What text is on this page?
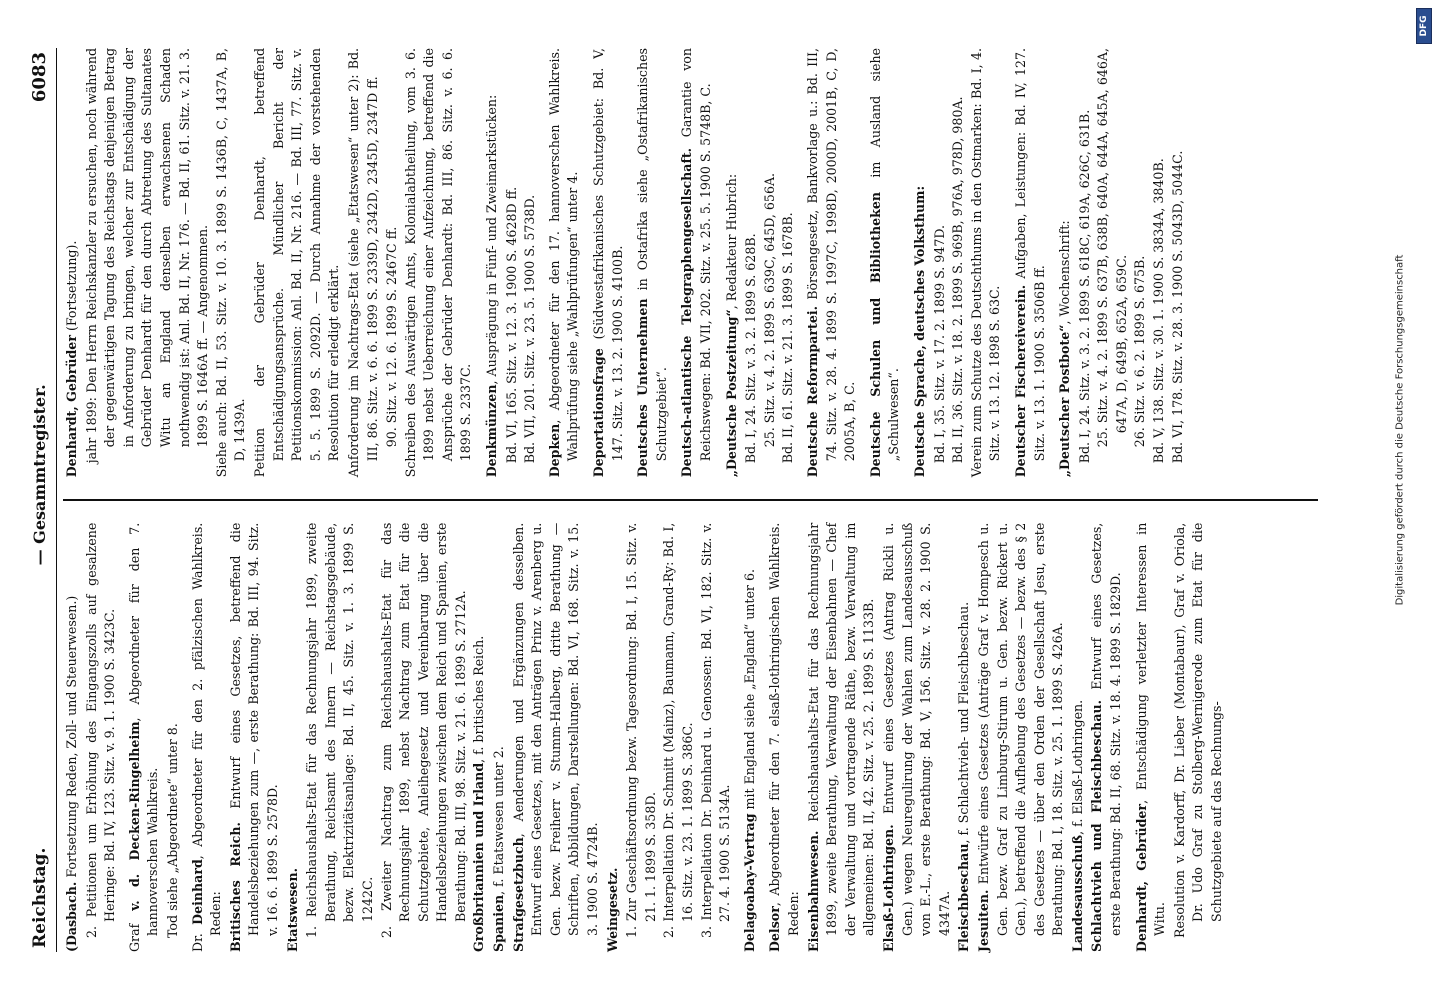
Reichstag.
— Gesammtregister.
6083
(Dasbach. Fortsetzung Reden, Zoll- und Steuerwesen.) 2. Petitionen um Erhöhung des Eingangszolls auf gesalzene Heringe: Bd. IV, 123. Sitz. v. 9. 1. 1900 S. 3423C.
Graf v. d. Decken-Ringelheim, Abgeordneter für den 7. hannoverschen Wahlkreis. Tod siehe „Abgeordnete“ unter 8.
Dr. Deinhard, Abgeordneter für den 2. pfälzischen Wahlkreis. Reden: Britisches Reich. Entwurf eines Gesetzes, betreffend die Handelsbeziehungen zum —, erste Berathung: Bd. III, 94. Sitz. v. 16. 6. 1899 S. 2578D. Etatswesen. 1. Reichshaushalts-Etat für das Rechnungsjahr 1899, zweite Berathung, Reichsamt des Innern — Reichstagsgebäude, bezw. Elektrizitätsanlage: Bd. II, 45. Sitz. v. 1. 3. 1899 S. 1242C. 2. Zweiter Nachtrag zum Reichshaushalts-Etat für das Rechnungsjahr 1899, nebst Nachtrag zum Etat für die Schutzgebiete, Anleihegesetz und Vereinbarung über die Handelsbeziehungen zwischen dem Reich und Spanien, erste Berathung: Bd. III, 98. Sitz. v. 21. 6. 1899 S. 2712A. Großbritannien und Irland, f. britisches Reich.
Spanien, f. Etatswesen unter 2. Strafgesetzbuch, Aenderungen und Ergänzungen desselben. Entwurf eines Gesetzes, mit den Anträgen Prinz v. Arenberg u. Gen. bezw. Freiherr v. Stumm-Halberg, dritte Berathung — Schriften, Abbildungen, Darstellungen: Bd. VI, 168. Sitz. v. 15. 3. 1900 S. 4724B. Weingesetz. 1. Zur Geschäftsordnung bezw. Tagesordnung: Bd. I, 15. Sitz. v. 21. 1. 1899 S. 358D. 2. Interpellation Dr. Schmitt (Mainz), Baumann, Grand-Ry: Bd. I, 16. Sitz. v. 23. 1. 1899 S. 386C. 3. Interpellation Dr. Deinhard u. Genossen: Bd. VI, 182. Sitz. v. 27. 4. 1900 S. 5134A. Delagoabay-Vertrag mit England siehe „England“ unter 6.
Delsor, Abgeordneter für den 7. elsaß-lothringischen Wahlkreis. Reden: Eisenbahnwesen. Reichshaushalts-Etat für das Rechnungsjahr 1899, zweite Berathung, Verwaltung der Eisenbahnen — Chef der Verwaltung und vortragende Räthe, bezw. Verwaltung im allgemeinen: Bd. II, 42. Sitz. v. 25. 2. 1899 S. 1133B. Elsaß-Lothringen. Entwurf eines Gesetzes (Antrag Rickli u. Gen.) wegen Neuregulirung der Wahlen zum Landesausschuß von E.-L., erste Berathung: Bd. V, 156. Sitz. v. 28. 2. 1900 S. 4347A. Fleischbeschau, f. Schlachtvieh- und Fleischbeschau.
Jesuiten. Entwürfe eines Gesetzes (Anträge Graf v. Hompesch u. Gen. bezw. Graf zu Limburg-Stirum u. Gen. bezw. Rickert u. Gen.), betreffend die Aufhebung des Gesetzes — bezw. des § 2 des Gesetzes — über den Orden der Gesellschaft Jesu, erste Berathung: Bd. I, 18. Sitz. v. 25. 1. 1899 S. 426A. Landesausschuß, f. Elsaß-Lothringen. Schlachtvieh und Fleischbeschau. Entwurf eines Gesetzes, erste Berathung: Bd. II, 68. Sitz. v. 18. 4. 1899 S. 1829D. Denhardt, Gebrüder, Entschädigung verletzter Interessen in Witu. Resolution v. Kardorff, Dr. Lieber (Montabaur), Graf v. Oriola, Dr. Udo Graf zu Stolberg-Wernigerode zum Etat für die Schutzgebiete auf das Rechnungs-
Denhardt, Gebrüder (Fortsetzung). jahr 1899: Den Herrn Reichskanzler zu ersuchen, noch während der gegenwärtigen Tagung des Reichstags denjenigen Betrag in Anforderung zu bringen, welcher zur Entschädigung der Gebrüder Denhardt für den durch Abtretung des Sultanates Witu an England denselben erwachsenen Schaden nothwendig ist: Anl. Bd. II, Nr. 176. — Bd. II, 61. Sitz. v. 21. 3. 1899 S. 1646A ff. — Angenommen. Siehe auch: Bd. II, 53. Sitz. v. 10. 3. 1899 S. 1436B, C, 1437A, B, D, 1439A. Petition der Gebrüder Denhardt, betreffend Entschädigungsansprüche. Mündlicher Bericht der Petitionskommission: Anl. Bd. II, Nr. 216. — Bd. III, 77. Sitz. v. 5. 5. 1899 S. 2092D. — Durch Annahme der vorstehenden Resolution für erledigt erklärt. Anforderung im Nachtrags-Etat (siehe „Etatswesen“ unter 2): Bd. III, 86. Sitz. v. 6. 6. 1899 S. 2339D, 2342D, 2345D, 2347D ff. 90. Sitz. v. 12. 6. 1899 S. 2467C ff. Schreiben des Auswärtigen Amts, Kolonialabtheilung, vom 3. 6. 1899 nebst Ueberreichung einer Aufzeichnung, betreffend die Ansprüche der Gebrüder Denhardt: Bd. III, 86. Sitz. v. 6. 6. 1899 S. 2337C. Denkmünzen, Ausprägung in Fünf- und Zweimarkstücken: Bd. VI, 165. Sitz. v. 12. 3. 1900 S. 4628D ff. Bd. VII, 201. Sitz. v. 23. 5. 1900 S. 5738D. Depken, Abgeordneter für den 17. hannoverschen Wahlkreis. Wahlprüfung siehe „Wahlprüfungen“ unter 4. Deportationsfrage (Südwestafrikanisches Schutzgebiet: Bd. V, 147. Sitz. v. 13. 2. 1900 S. 4100B. Deutsches Unternehmen in Ostafrika siehe „Ostafrikanisches Schutzgebiet“. Deutsch-atlantische Telegraphengesellschaft. Garantie von Reichswegen: Bd. VII, 202. Sitz. v. 25. 5. 1900 S. 5748B, C. „Deutsche Postzeitung“, Redakteur Hubrich: Bd. I, 24. Sitz. v. 3. 2. 1899 S. 628B. 25. Sitz. v. 4. 2. 1899 S. 639C, 645D, 656A. Bd. II, 61. Sitz. v. 21. 3. 1899 S. 1678B. Deutsche Reformpartei. Börsengesetz, Bankvorlage u.: Bd. III, 74. Sitz. v. 28. 4. 1899 S. 1997C, 1998D, 2000D, 2001B, C, D, 2005A, B, C. Deutsche Schulen und Bibliotheken im Ausland siehe „Schulwesen“. Deutsche Sprache, deutsches Volksthum: Bd. I, 35. Sitz. v. 17. 2. 1899 S. 947D. Bd. II, 36. Sitz. v. 18. 2. 1899 S. 969B, 976A, 978D, 980A. Verein zum Schutze des Deutschthums in den Ostmarken: Bd. I, 4. Sitz. v. 13. 12. 1898 S. 63C. Deutscher Fischereiverein. Aufgaben, Leistungen: Bd. IV, 127. Sitz. v. 13. 1. 1900 S. 3506B ff. „Deutscher Postbote“, Wochenschrift: Bd. I, 24. Sitz. v. 3. 2. 1899 S. 618C, 619A, 626C, 631B. 25. Sitz. v. 4. 2. 1899 S. 637B, 638B, 640A, 644A, 645A, 646A, 647A, D, 649B, 652A, 659C. 26. Sitz. v. 6. 2. 1899 S. 675B. Bd. V, 138. Sitz. v. 30. 1. 1900 S. 3834A, 3840B. Bd. VI, 178. Sitz. v. 28. 3. 1900 S. 5043D, 5044C.	Digitalisierung gefördert durch die Deutsche Forschungsgemeinschaft
DFG
